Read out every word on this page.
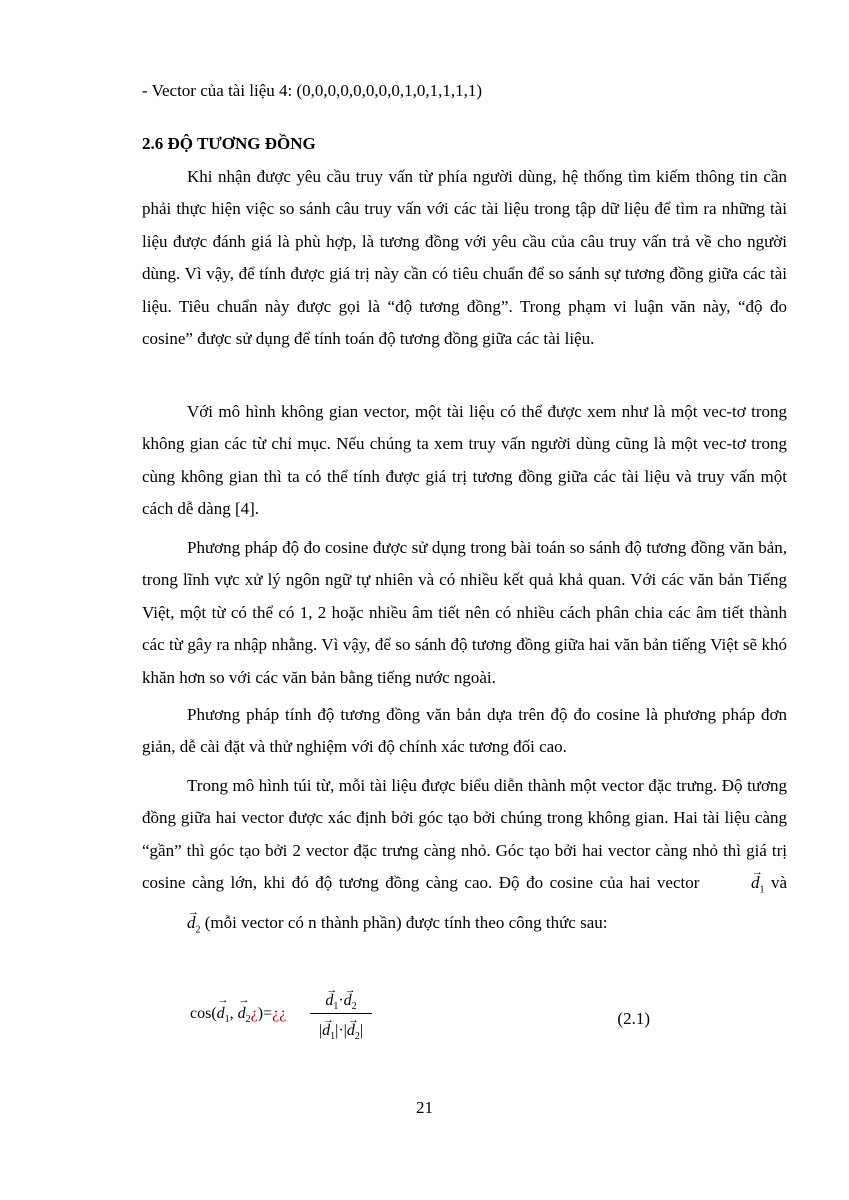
- Vector của tài liệu 4: (0,0,0,0,0,0,0,0,1,0,1,1,1,1)
2.6 ĐỘ TƯƠNG ĐỒNG

Khi nhận được yêu cầu truy vấn từ phía người dùng, hệ thống tìm kiếm thông tin cần phải thực hiện việc so sánh câu truy vấn với các tài liệu trong tập dữ liệu để tìm ra những tài liệu được đánh giá là phù hợp, là tương đồng với yêu cầu của câu truy vấn trả về cho người dùng. Vì vậy, để tính được giá trị này cần có tiêu chuẩn để so sánh sự tương đồng giữa các tài liệu. Tiêu chuẩn này được gọi là “độ tương đồng”. Trong phạm vi luận văn này, “độ đo cosine” được sử dụng để tính toán độ tương đồng giữa các tài liệu.

Với mô hình không gian vector, một tài liệu có thể được xem như là một vec-tơ trong không gian các từ chỉ mục. Nếu chúng ta xem truy vấn người dùng cũng là một vec-tơ trong cùng không gian thì ta có thể tính được giá trị tương đồng giữa các tài liệu và truy vấn một cách dễ dàng [4].

Phương pháp độ đo cosine được sử dụng trong bài toán so sánh độ tương đồng văn bản, trong lĩnh vực xử lý ngôn ngữ tự nhiên và có nhiều kết quả khả quan. Với các văn bản Tiếng Việt, một từ có thể có 1, 2 hoặc nhiều âm tiết nên có nhiều cách phân chia các âm tiết thành các từ gây ra nhập nhằng. Vì vậy, để so sánh độ tương đồng giữa hai văn bản tiếng Việt sẽ khó khăn hơn so với các văn bản bằng tiếng nước ngoài.

Phương pháp tính độ tương đồng văn bản dựa trên độ đo cosine là phương pháp đơn giản, dễ cài đặt và thử nghiệm với độ chính xác tương đối cao.

Trong mô hình túi từ, mỗi tài liệu được biểu diễn thành một vector đặc trưng. Độ tương đồng giữa hai vector được xác định bởi góc tạo bởi chúng trong không gian. Hai tài liệu càng “gần” thì góc tạo bởi 2 vector đặc trưng càng nhỏ. Góc tạo bởi hai vector càng nhỏ thì giá trị cosine càng lớn, khi đó độ tương đồng càng cao. Độ đo cosine của hai vector →	$d_1$ và → $d_2$ (mỗi vector có n thành phần) được tính theo công thức sau:

$\cos(\to d_1$, → $d_2¿)=¿¿$
→ $d_1\cdot\to d_2$
|→ $d_1|\cdot|\to d_2|$
(2.1)
21
